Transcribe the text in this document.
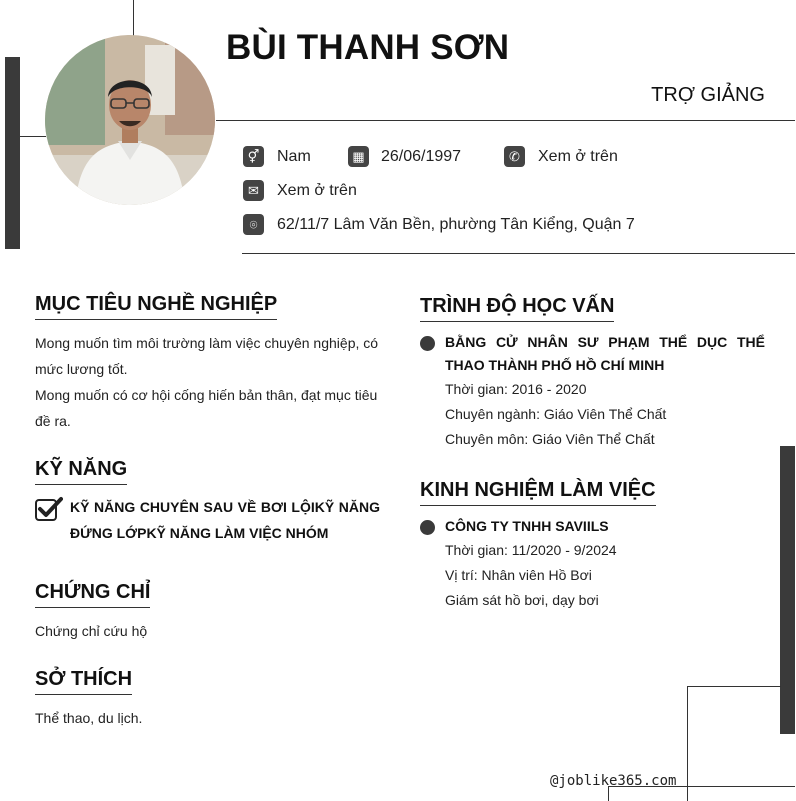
BÙI THANH SƠN
TRỢ GIẢNG
⚥ Nam	▦ 26/06/1997	✆	Xem ở trên
✉	Xem ở trên
⌾	62/11/7 Lâm Văn Bền, phường Tân Kiểng, Quận 7
MỤC TIÊU NGHỀ NGHIỆP
Mong muốn tìm môi trường làm việc chuyên nghiệp, có mức lương tốt.
Mong muốn có cơ hội cống hiến bản thân, đạt mục tiêu đề ra.
KỸ NĂNG
KỸ NĂNG CHUYÊN SAU VỀ BƠI LỘIKỸ NĂNG ĐỨNG LỚPKỸ NĂNG LÀM VIỆC NHÓM
CHỨNG CHỈ
Chứng chỉ cứu hộ
SỞ THÍCH
Thể thao, du lịch.
TRÌNH ĐỘ HỌC VẤN
BẰNG CỬ NHÂN SƯ PHẠM THỂ DỤC THỂ THAO THÀNH PHỐ HỒ CHÍ MINH
Thời gian: 2016 - 2020
Chuyên ngành: Giáo Viên Thể Chất
Chuyên môn: Giáo Viên Thể Chất
KINH NGHIỆM LÀM VIỆC
CÔNG TY TNHH SAVIILS
Thời gian: 11/2020 - 9/2024
Vị trí: Nhân viên Hồ Bơi
Giám sát hồ bơi, dạy bơi
@joblike365.com
